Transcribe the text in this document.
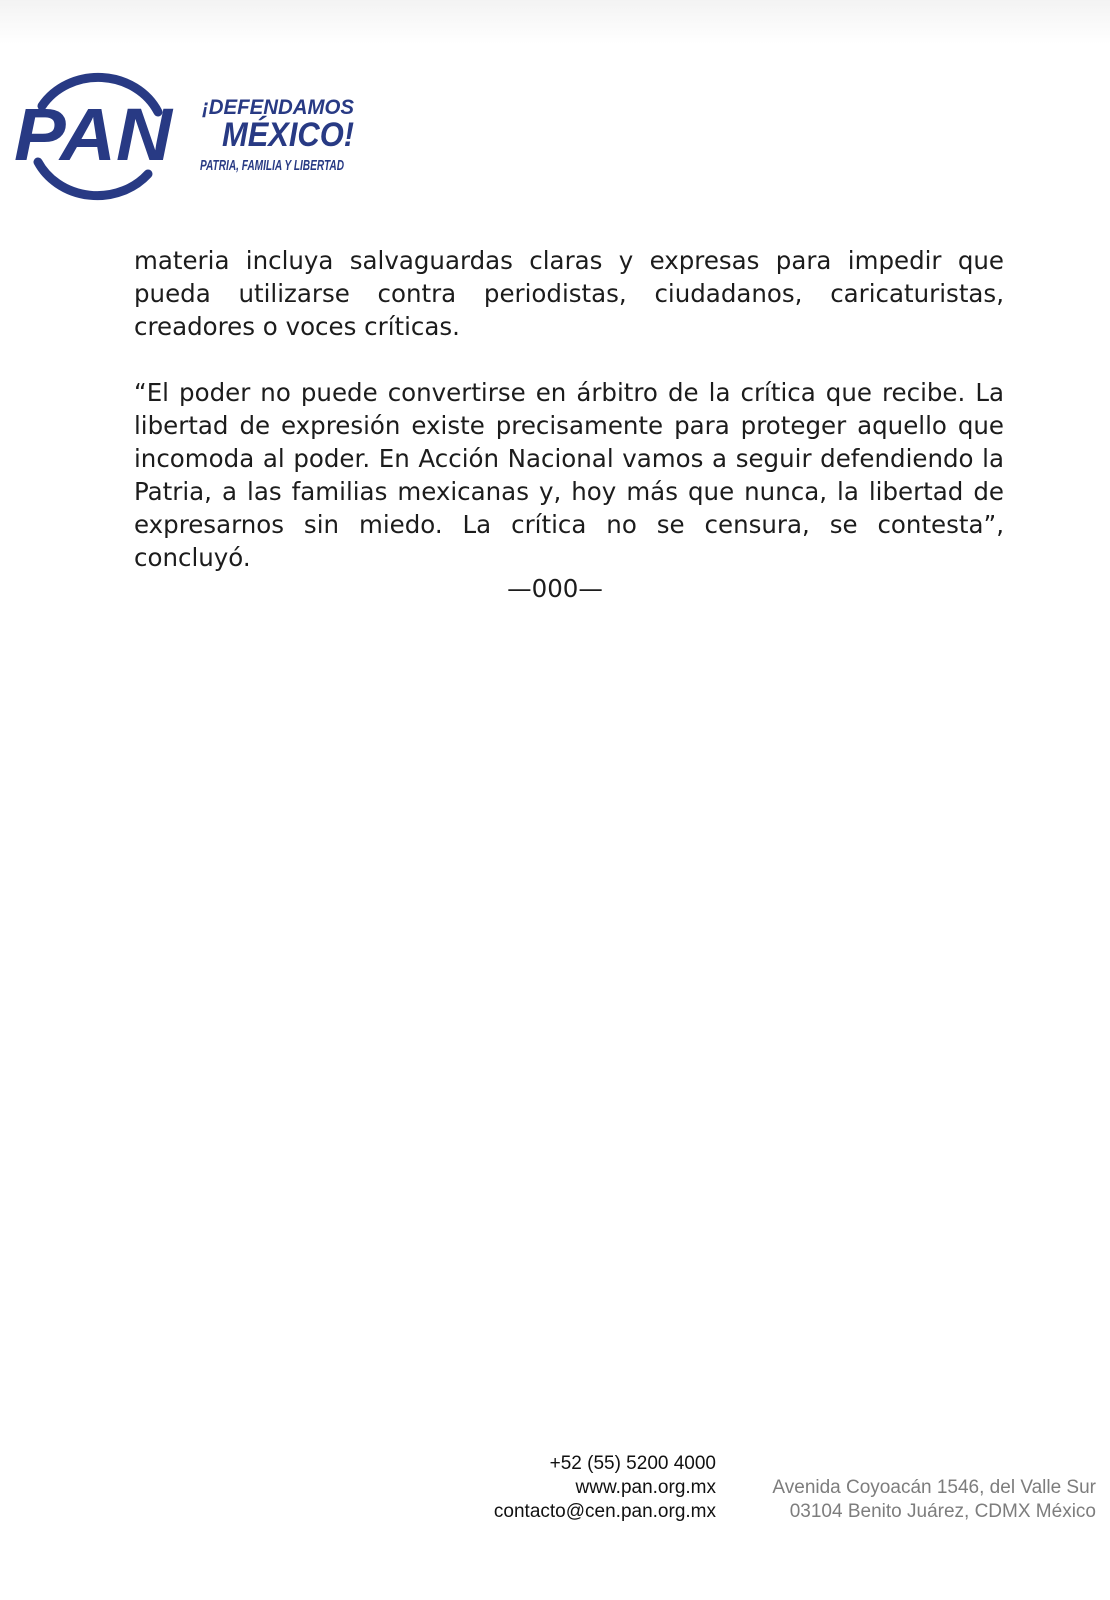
PAN ¡DEFENDAMOS
MÉXICO!
PATRIA, FAMILIA Y LIBERTAD

materia incluya salvaguardas claras y expresas para impedir que pueda utilizarse contra periodistas, ciudadanos, caricaturistas, creadores o voces críticas.

“El poder no puede convertirse en árbitro de la crítica que recibe. La libertad de expresión existe precisamente para proteger aquello que incomoda al poder. En Acción Nacional vamos a seguir defendiendo la Patria, a las familias mexicanas y, hoy más que nunca, la libertad de expresarnos sin miedo. La crítica no se censura, se contesta”, concluyó.

—000—
+52 (55) 5200 4000
www.pan.org.mx
contacto@cen.pan.org.mx
Avenida Coyoacán 1546, del Valle Sur
03104 Benito Juárez, CDMX México
